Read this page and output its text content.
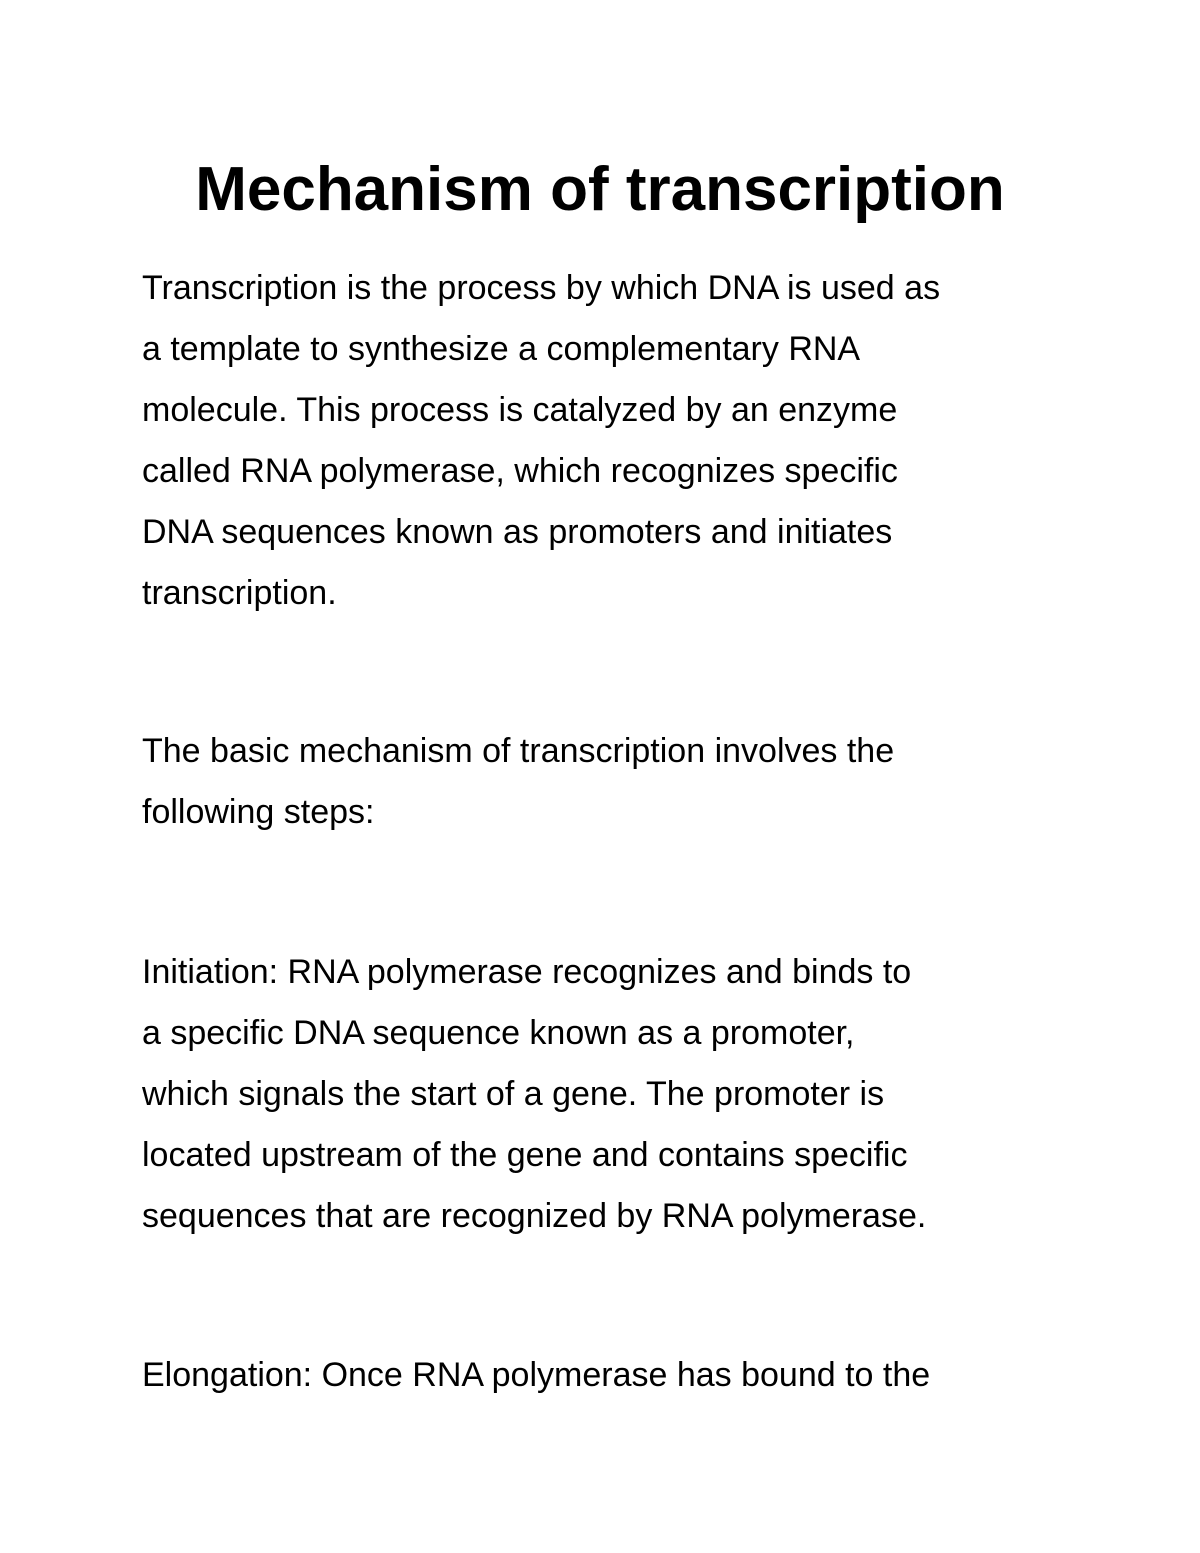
Mechanism of transcription

Transcription is the process by which DNA is used as
a template to synthesize a complementary RNA
molecule. This process is catalyzed by an enzyme
called RNA polymerase, which recognizes specific
DNA sequences known as promoters and initiates
transcription.

The basic mechanism of transcription involves the
following steps:

Initiation: RNA polymerase recognizes and binds to
a specific DNA sequence known as a promoter,
which signals the start of a gene. The promoter is
located upstream of the gene and contains specific
sequences that are recognized by RNA polymerase.

Elongation: Once RNA polymerase has bound to the
